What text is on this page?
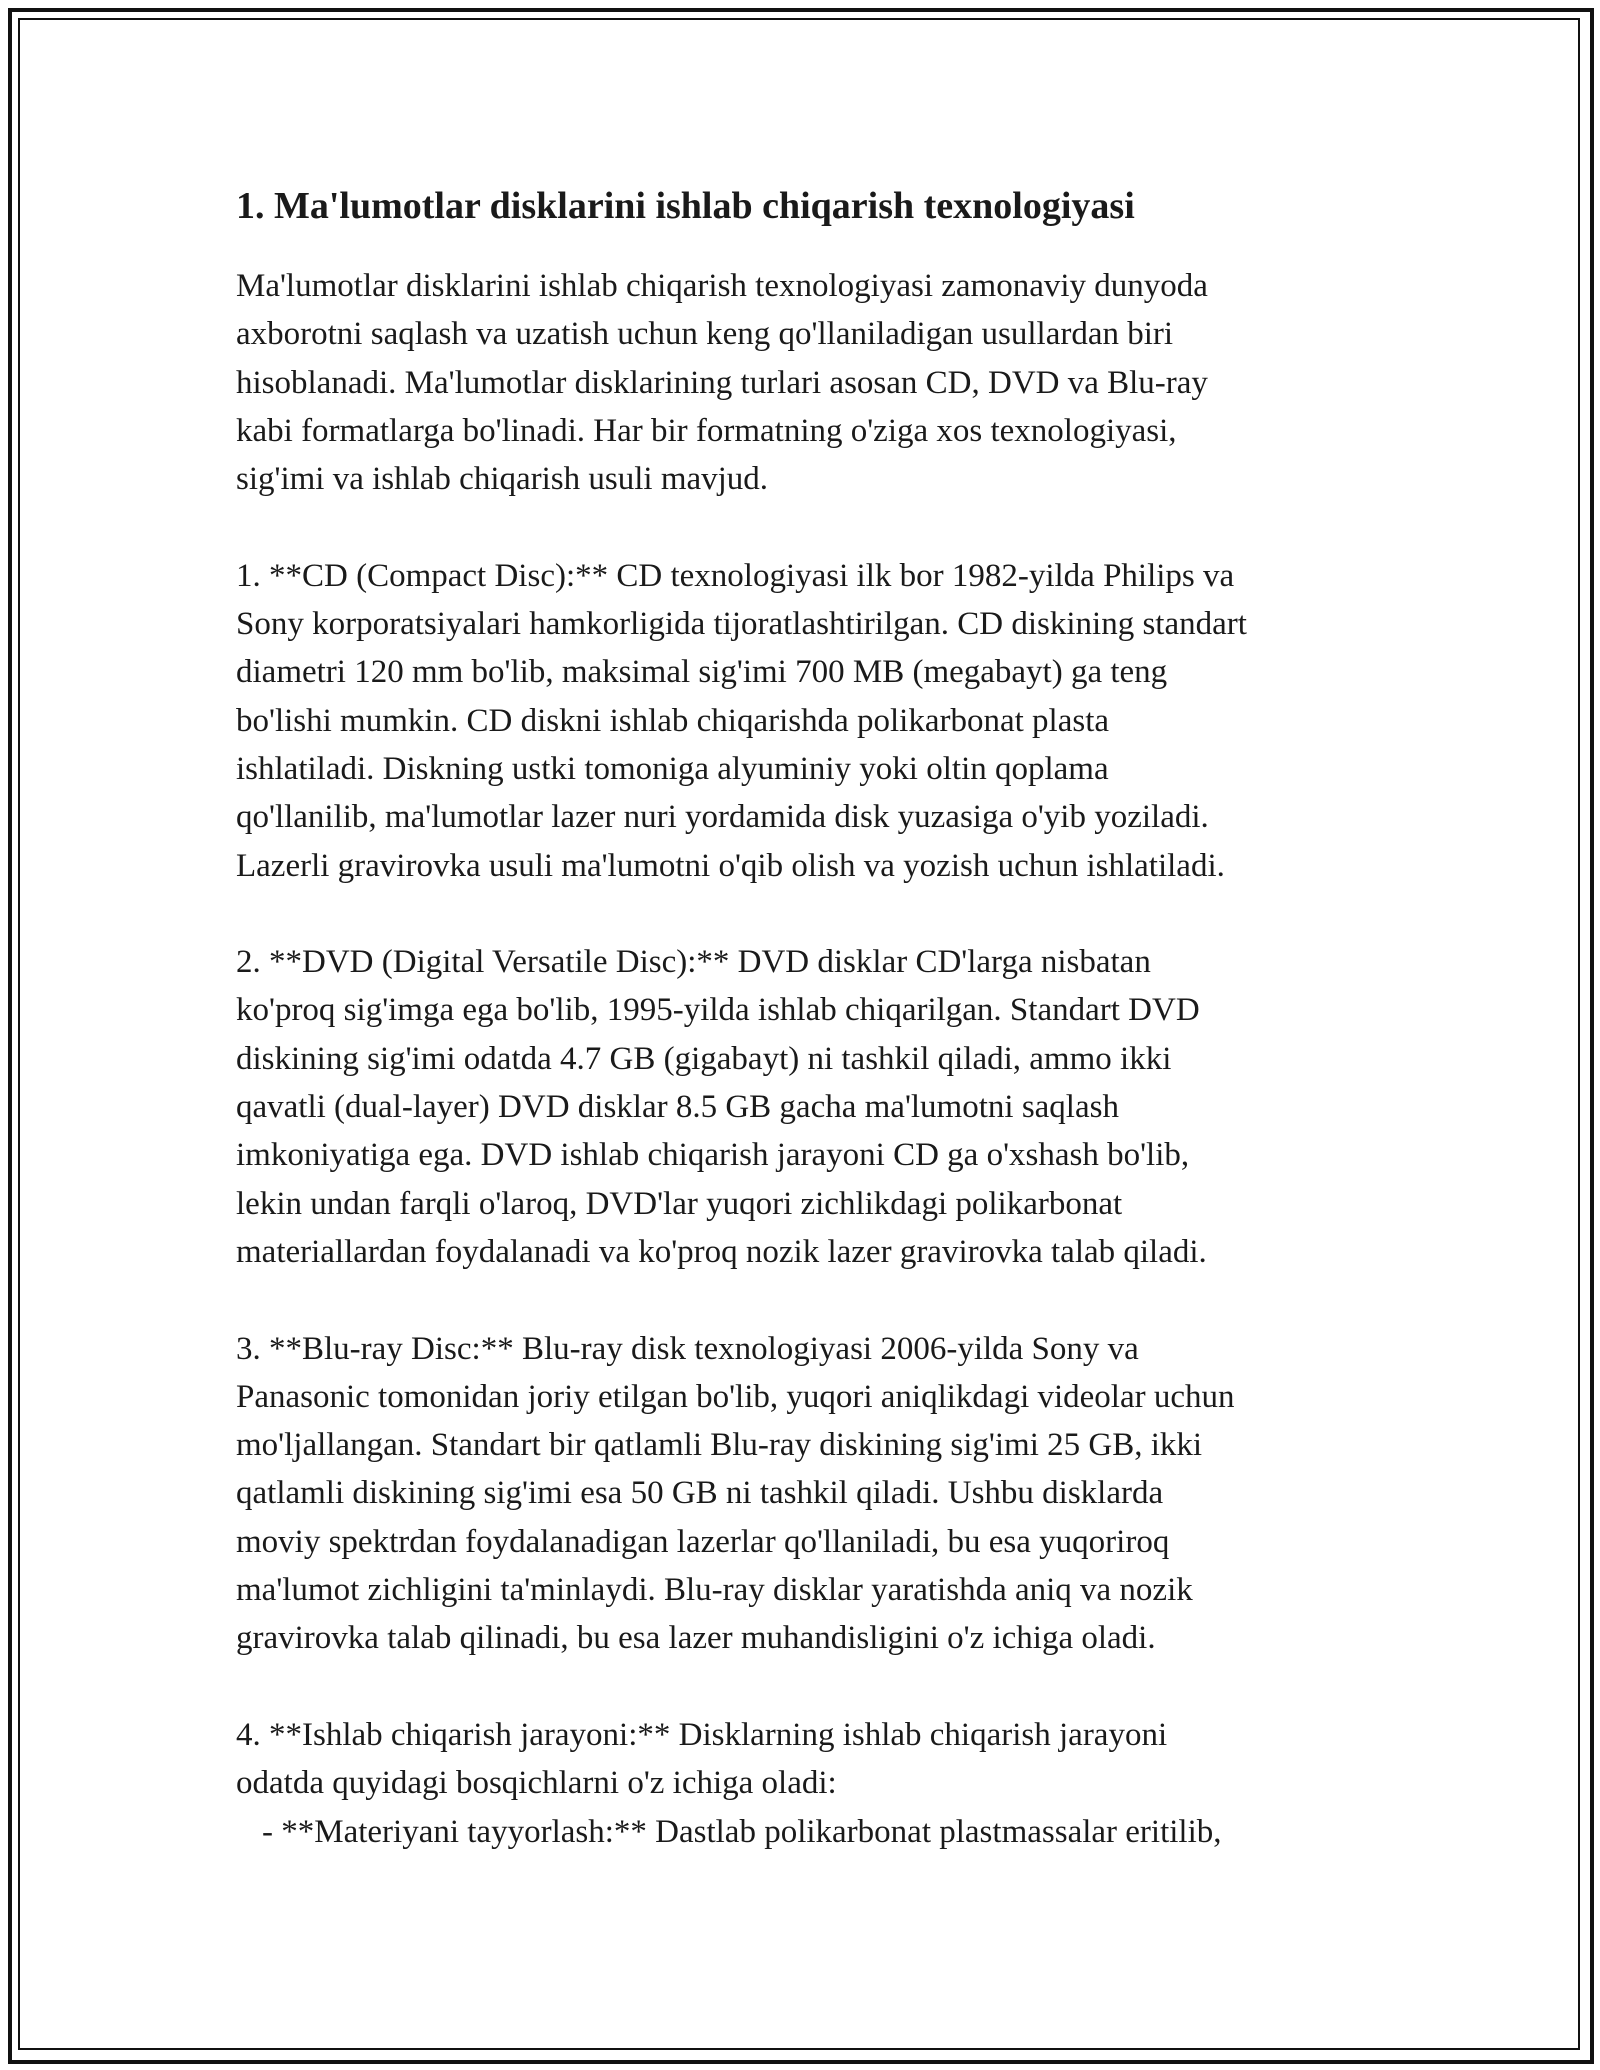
1. Ma'lumotlar disklarini ishlab chiqarish texnologiyasi
Ma'lumotlar disklarini ishlab chiqarish texnologiyasi zamonaviy dunyoda
axborotni saqlash va uzatish uchun keng qo'llaniladigan usullardan biri
hisoblanadi. Ma'lumotlar disklarining turlari asosan CD, DVD va Blu-ray
kabi formatlarga bo'linadi. Har bir formatning o'ziga xos texnologiyasi,
sig'imi va ishlab chiqarish usuli mavjud.
1. **CD (Compact Disc):** CD texnologiyasi ilk bor 1982-yilda Philips va
Sony korporatsiyalari hamkorligida tijoratlashtirilgan. CD diskining standart
diametri 120 mm bo'lib, maksimal sig'imi 700 MB (megabayt) ga teng
bo'lishi mumkin. CD diskni ishlab chiqarishda polikarbonat plasta
ishlatiladi. Diskning ustki tomoniga alyuminiy yoki oltin qoplama
qo'llanilib, ma'lumotlar lazer nuri yordamida disk yuzasiga o'yib yoziladi.
Lazerli gravirovka usuli ma'lumotni o'qib olish va yozish uchun ishlatiladi.
2. **DVD (Digital Versatile Disc):** DVD disklar CD'larga nisbatan
ko'proq sig'imga ega bo'lib, 1995-yilda ishlab chiqarilgan. Standart DVD
diskining sig'imi odatda 4.7 GB (gigabayt) ni tashkil qiladi, ammo ikki
qavatli (dual-layer) DVD disklar 8.5 GB gacha ma'lumotni saqlash
imkoniyatiga ega. DVD ishlab chiqarish jarayoni CD ga o'xshash bo'lib,
lekin undan farqli o'laroq, DVD'lar yuqori zichlikdagi polikarbonat
materiallardan foydalanadi va ko'proq nozik lazer gravirovka talab qiladi.
3. **Blu-ray Disc:** Blu-ray disk texnologiyasi 2006-yilda Sony va
Panasonic tomonidan joriy etilgan bo'lib, yuqori aniqlikdagi videolar uchun
mo'ljallangan. Standart bir qatlamli Blu-ray diskining sig'imi 25 GB, ikki
qatlamli diskining sig'imi esa 50 GB ni tashkil qiladi. Ushbu disklarda
moviy spektrdan foydalanadigan lazerlar qo'llaniladi, bu esa yuqoriroq
ma'lumot zichligini ta'minlaydi. Blu-ray disklar yaratishda aniq va nozik
gravirovka talab qilinadi, bu esa lazer muhandisligini o'z ichiga oladi.
4. **Ishlab chiqarish jarayoni:** Disklarning ishlab chiqarish jarayoni
odatda quyidagi bosqichlarni o'z ichiga oladi:
- **Materiyani tayyorlash:** Dastlab polikarbonat plastmassalar eritilib,
